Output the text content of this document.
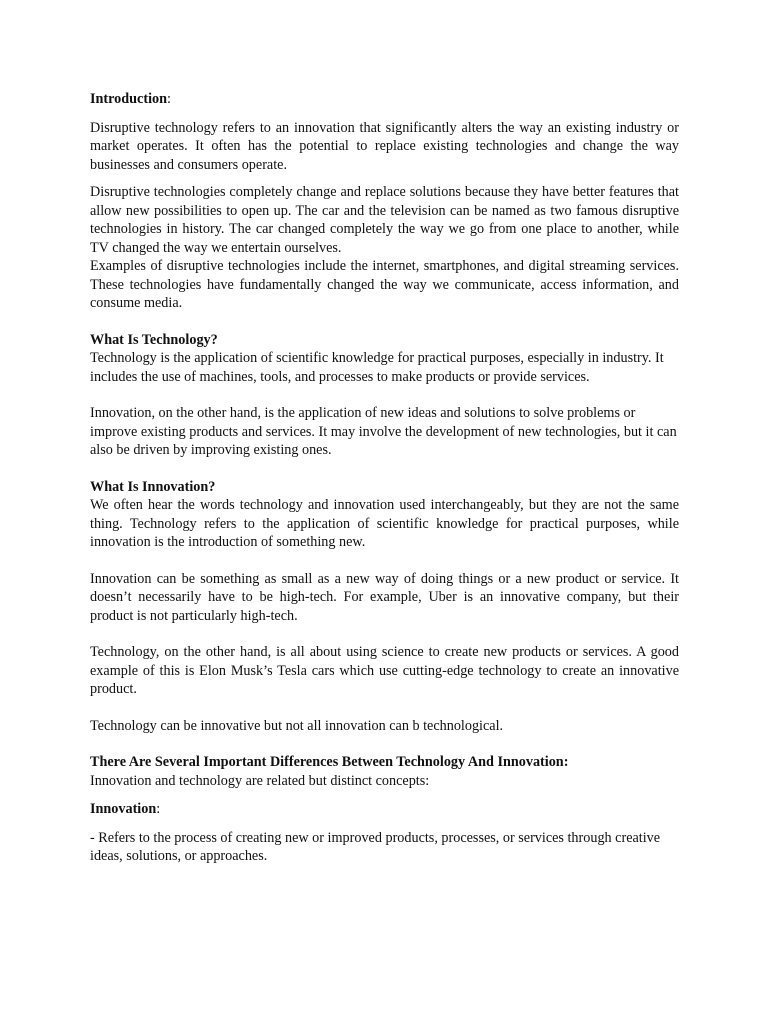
Introduction:

Disruptive technology refers to an innovation that significantly alters the way an existing industry or market operates. It often has the potential to replace existing technologies and change the way businesses and consumers operate.

Disruptive technologies completely change and replace solutions because they have better features that allow new possibilities to open up. The car and the television can be named as two famous disruptive technologies in history. The car changed completely the way we go from one place to another, while TV changed the way we entertain ourselves.

Examples of disruptive technologies include the internet, smartphones, and digital streaming services. These technologies have fundamentally changed the way we communicate, access information, and consume media.

What Is Technology?

Technology is the application of scientific knowledge for practical purposes, especially in industry. It includes the use of machines, tools, and processes to make products or provide services.

Innovation, on the other hand, is the application of new ideas and solutions to solve problems or improve existing products and services. It may involve the development of new technologies, but it can also be driven by improving existing ones.

What Is Innovation?

We often hear the words technology and innovation used interchangeably, but they are not the same thing. Technology refers to the application of scientific knowledge for practical purposes, while innovation is the introduction of something new.

Innovation can be something as small as a new way of doing things or a new product or service. It doesn’t necessarily have to be high-tech. For example, Uber is an innovative company, but their product is not particularly high-tech.

Technology, on the other hand, is all about using science to create new products or services. A good example of this is Elon Musk’s Tesla cars which use cutting-edge technology to create an innovative product.

Technology can be innovative but not all innovation can b technological.

There Are Several Important Differences Between Technology And Innovation:

Innovation and technology are related but distinct concepts:

Innovation:

- Refers to the process of creating new or improved products, processes, or services through creative ideas, solutions, or approaches.
